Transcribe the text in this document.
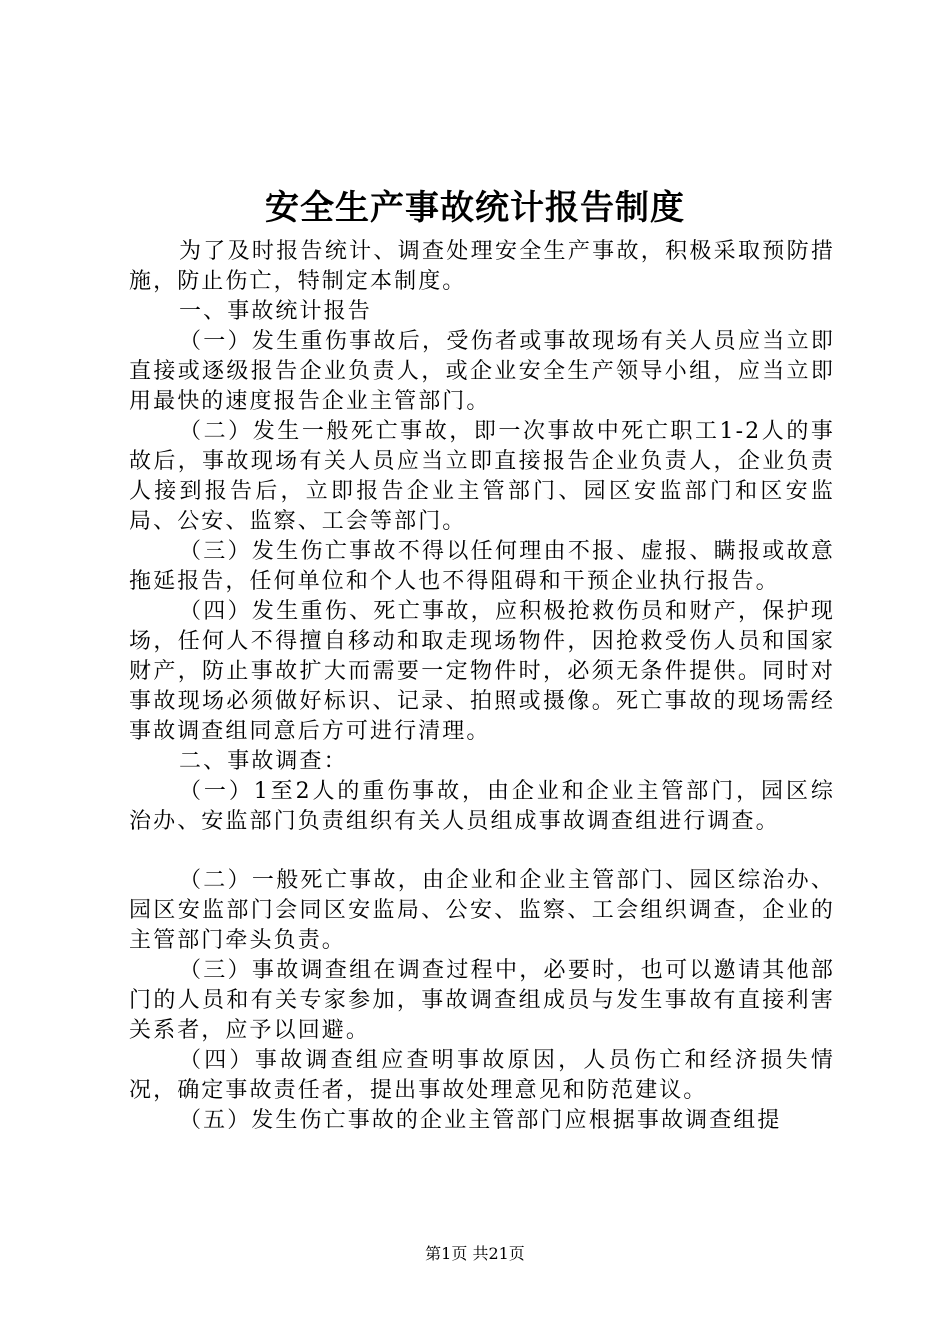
安全生产事故统计报告制度

为了及时报告统计、调查处理安全生产事故，积极采取预防措施，防止伤亡，特制定本制度。

一、事故统计报告

（一）发生重伤事故后，受伤者或事故现场有关人员应当立即直接或逐级报告企业负责人，或企业安全生产领导小组，应当立即用最快的速度报告企业主管部门。

（二）发生一般死亡事故，即一次事故中死亡职工1-2人的事故后，事故现场有关人员应当立即直接报告企业负责人，企业负责人接到报告后，立即报告企业主管部门、园区安监部门和区安监局、公安、监察、工会等部门。

（三）发生伤亡事故不得以任何理由不报、虚报、瞒报或故意拖延报告，任何单位和个人也不得阻碍和干预企业执行报告。

（四）发生重伤、死亡事故，应积极抢救伤员和财产，保护现场，任何人不得擅自移动和取走现场物件，因抢救受伤人员和国家财产，防止事故扩大而需要一定物件时，必须无条件提供。同时对事故现场必须做好标识、记录、拍照或摄像。死亡事故的现场需经事故调查组同意后方可进行清理。

二、事故调查：

（一）1至2人的重伤事故，由企业和企业主管部门，园区综治办、安监部门负责组织有关人员组成事故调查组进行调查。

（二）一般死亡事故，由企业和企业主管部门、园区综治办、园区安监部门会同区安监局、公安、监察、工会组织调查，企业的主管部门牵头负责。

（三）事故调查组在调查过程中，必要时，也可以邀请其他部门的人员和有关专家参加，事故调查组成员与发生事故有直接利害关系者，应予以回避。

（四）事故调查组应查明事故原因，人员伤亡和经济损失情况，确定事故责任者，提出事故处理意见和防范建议。

（五）发生伤亡事故的企业主管部门应根据事故调查组提

第1页 共21页
